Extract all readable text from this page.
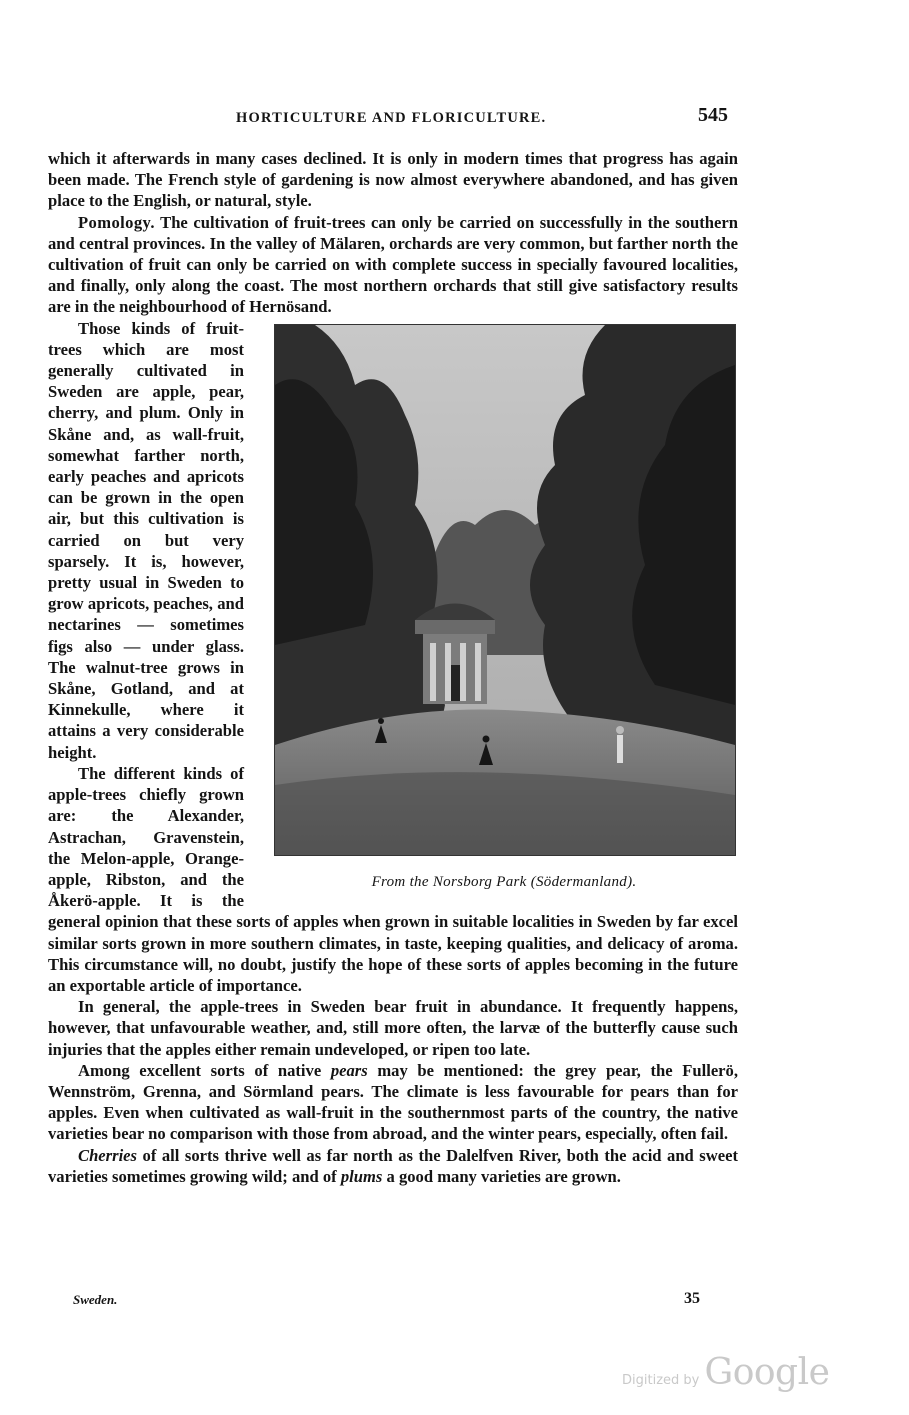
HORTICULTURE AND FLORICULTURE.	545

which it afterwards in many cases declined. It is only in modern times that progress has again been made. The French style of gardening is now almost everywhere abandoned, and has given place to the English, or natural, style.

Pomology. The cultivation of fruit-trees can only be carried on successfully in the southern and central provinces. In the valley of Mälaren, orchards are very common, but farther north the cultivation of fruit can only be carried on with complete success in specially favoured localities, and finally, only along the coast. The most northern orchards that still give satisfactory results are in the neighbourhood of Hernösand.

From the Norsborg Park (Södermanland).

Those kinds of fruit-trees which are most generally cultivated in Sweden are apple, pear, cherry, and plum. Only in Skåne and, as wall-fruit, somewhat farther north, early peaches and apricots can be grown in the open air, but this cultivation is carried on but very sparsely. It is, however, pretty usual in Sweden to grow apricots, peaches, and nectarines — sometimes figs also — under glass. The walnut-tree grows in Skåne, Gotland, and at Kinnekulle, where it attains a very considerable height.

The different kinds of apple-trees chiefly grown are: the Alexander, Astrachan, Gravenstein, the Melon-apple, Orange-apple, Ribston, and the Åkerö-apple. It is the general opinion that these sorts of apples when grown in suitable localities in Sweden by far excel similar sorts grown in more southern climates, in taste, keeping qualities, and delicacy of aroma. This circumstance will, no doubt, justify the hope of these sorts of apples becoming in the future an exportable article of importance.

In general, the apple-trees in Sweden bear fruit in abundance. It frequently happens, however, that unfavourable weather, and, still more often, the larvæ of the butterfly cause such injuries that the apples either remain undeveloped, or ripen too late.

Among excellent sorts of native pears may be mentioned: the grey pear, the Fullerö, Wennström, Grenna, and Sörmland pears. The climate is less favourable for pears than for apples. Even when cultivated as wall-fruit in the southernmost parts of the country, the native varieties bear no comparison with those from abroad, and the winter pears, especially, often fail.

Cherries of all sorts thrive well as far north as the Dalelfven River, both the acid and sweet varieties sometimes growing wild; and of plums a good many varieties are grown.

Sweden.	35
Digitized by Google
